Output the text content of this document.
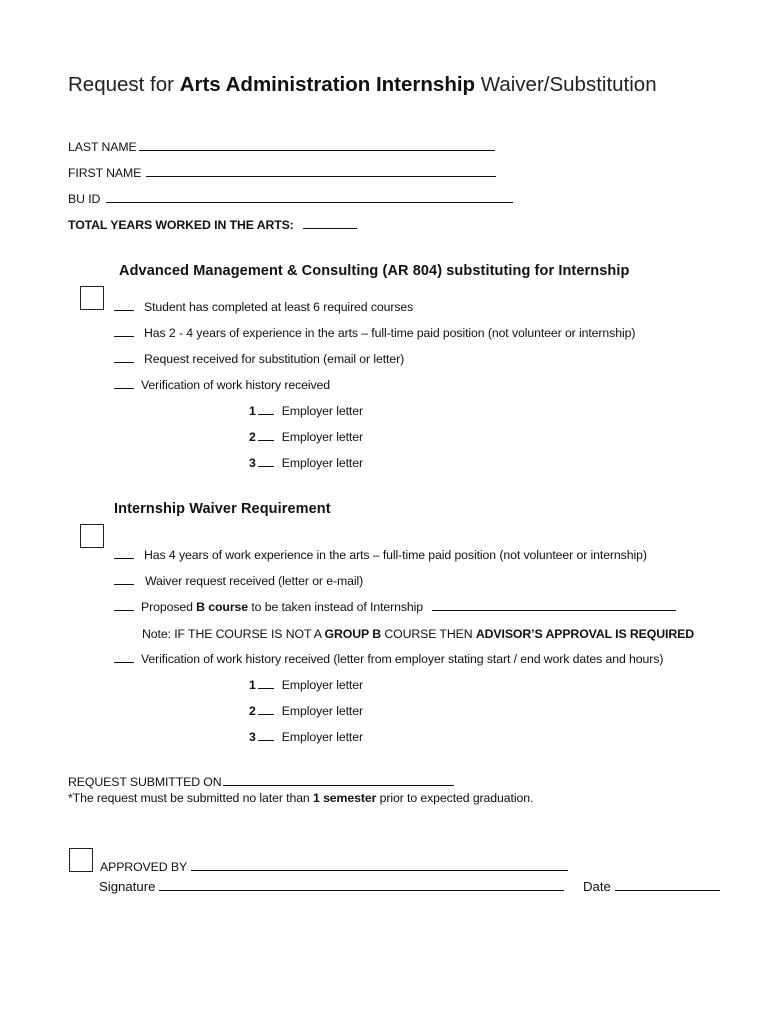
Request for Arts Administration Internship Waiver/Substitution
LAST NAME
FIRST NAME
BU ID
TOTAL YEARS WORKED IN THE ARTS:
Advanced Management & Consulting (AR 804) substituting for Internship
Student has completed at least 6 required courses
Has 2 - 4 years of experience in the arts – full-time paid position (not volunteer or internship)
Request received for substitution (email or letter)
Verification of work history received
1 Employer letter
2 Employer letter
3 Employer letter
Internship Waiver Requirement
Has 4 years of work experience in the arts – full-time paid position (not volunteer or internship)
Waiver request received (letter or e-mail)
Proposed B course to be taken instead of Internship
Note: IF THE COURSE IS NOT A GROUP B COURSE THEN ADVISOR’S APPROVAL IS REQUIRED
Verification of work history received (letter from employer stating start / end work dates and hours)
1 Employer letter
2 Employer letter
3 Employer letter
REQUEST SUBMITTED ON
*The request must be submitted no later than 1 semester prior to expected graduation.
APPROVED BY
Signature	Date
